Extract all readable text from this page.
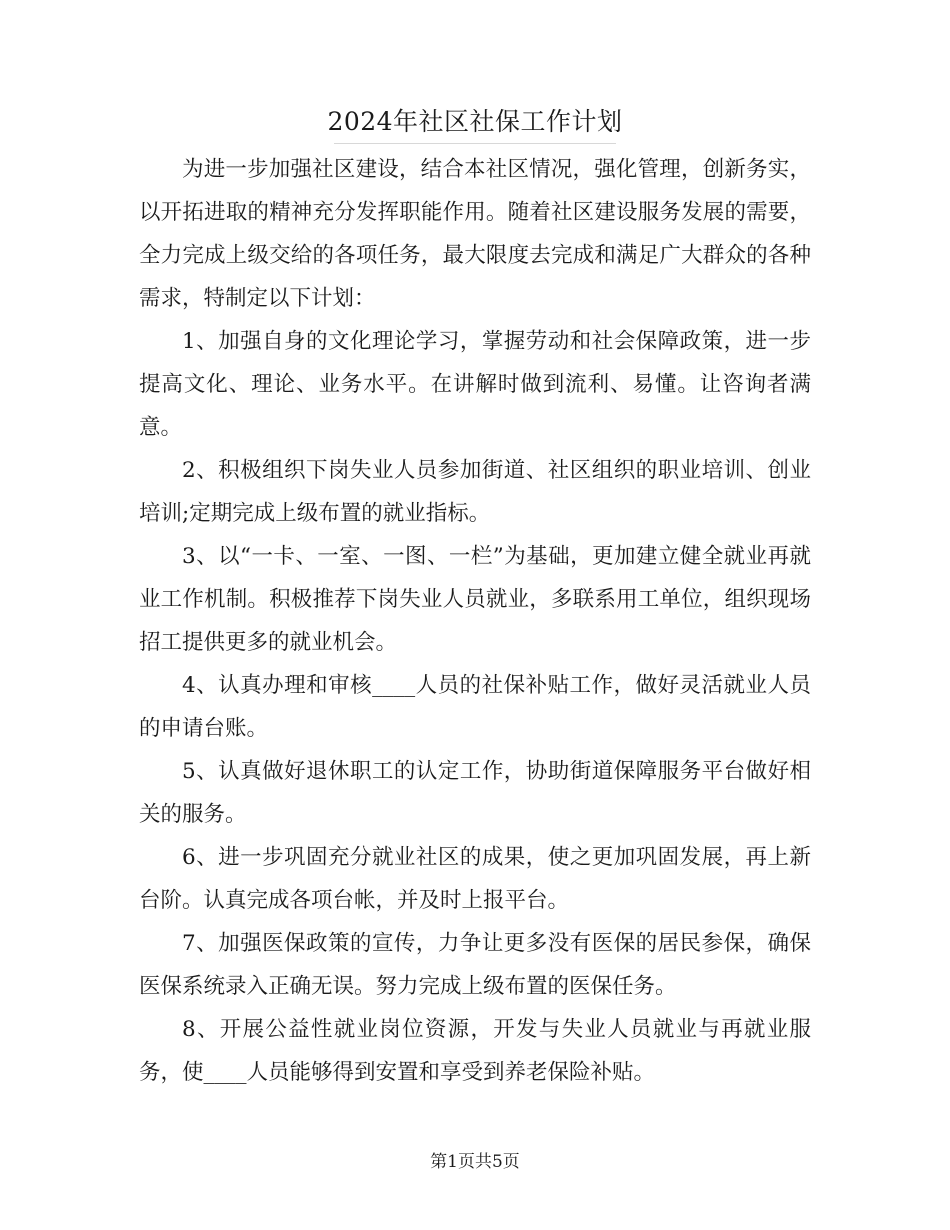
2024年社区社保工作计划

为进一步加强社区建设，结合本社区情况，强化管理，创新务实，以开拓进取的精神充分发挥职能作用。随着社区建设服务发展的需要，全力完成上级交给的各项任务，最大限度去完成和满足广大群众的各种需求，特制定以下计划：

1、加强自身的文化理论学习，掌握劳动和社会保障政策，进一步提高文化、理论、业务水平。在讲解时做到流利、易懂。让咨询者满意。

2、积极组织下岗失业人员参加街道、社区组织的职业培训、创业培训;定期完成上级布置的就业指标。

3、以“一卡、一室、一图、一栏”为基础，更加建立健全就业再就业工作机制。积极推荐下岗失业人员就业，多联系用工单位，组织现场招工提供更多的就业机会。

4、认真办理和审核____人员的社保补贴工作，做好灵活就业人员的申请台账。

5、认真做好退休职工的认定工作，协助街道保障服务平台做好相关的服务。

6、进一步巩固充分就业社区的成果，使之更加巩固发展，再上新台阶。认真完成各项台帐，并及时上报平台。

7、加强医保政策的宣传，力争让更多没有医保的居民参保，确保医保系统录入正确无误。努力完成上级布置的医保任务。

8、开展公益性就业岗位资源，开发与失业人员就业与再就业服务，使____人员能够得到安置和享受到养老保险补贴。

第1页共5页
